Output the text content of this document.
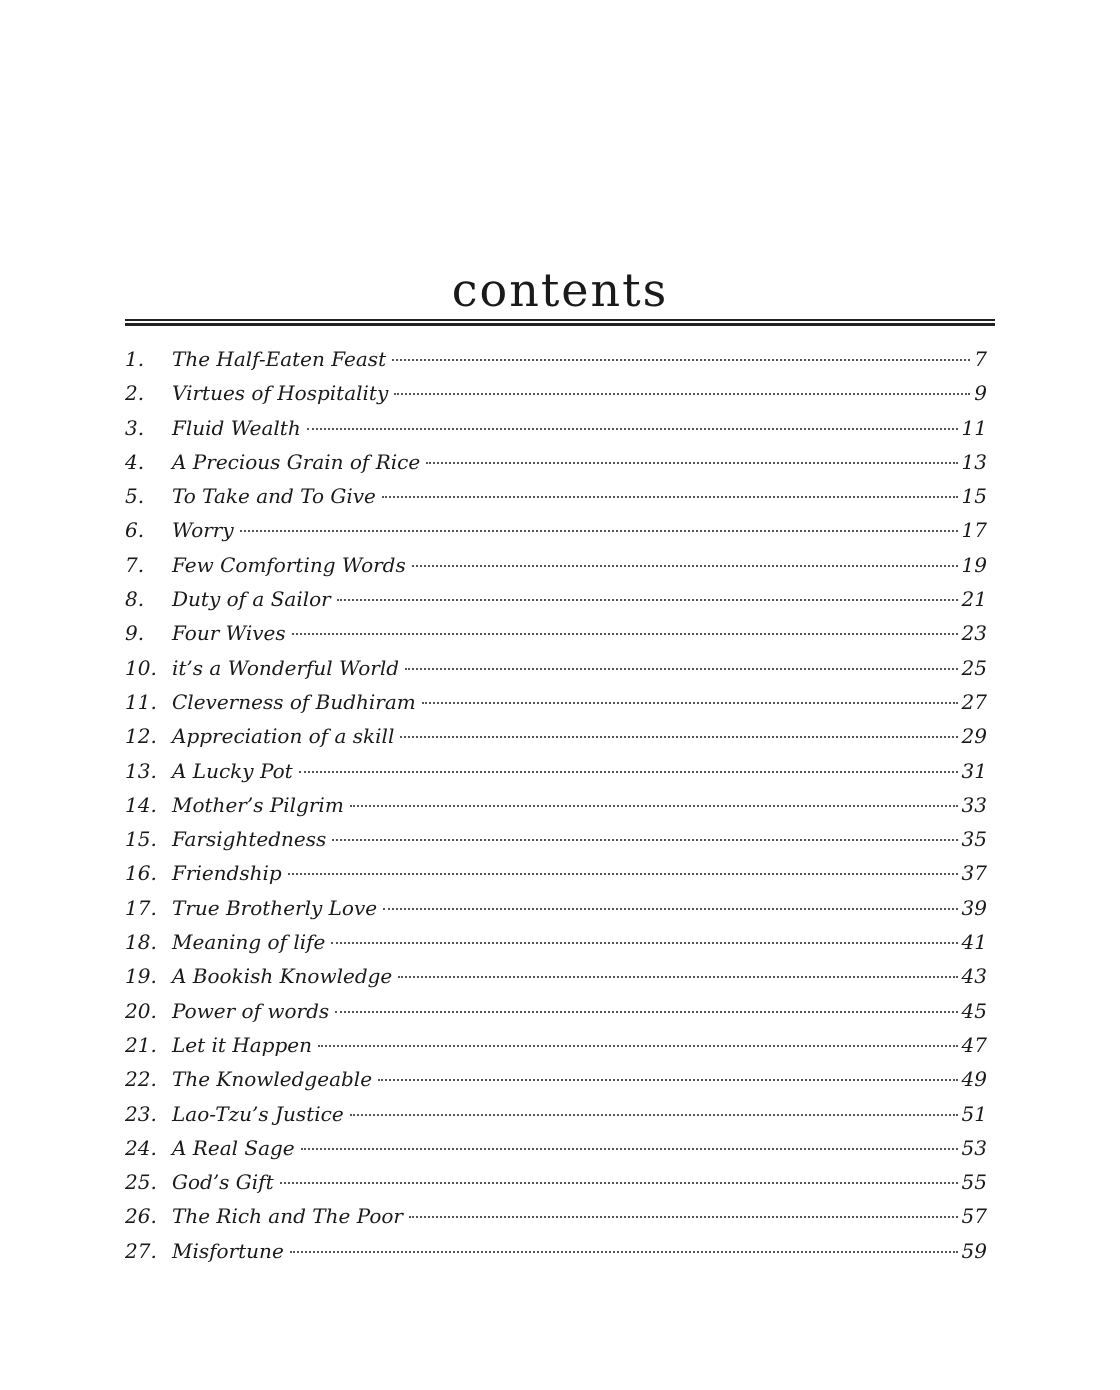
contents
1.	The Half-Eaten Feast	7
2.	Virtues of Hospitality	9
3.	Fluid Wealth	11
4.	A Precious Grain of Rice	13
5.	To Take and To Give	15
6.	Worry	17
7.	Few Comforting Words	19
8.	Duty of a Sailor	21
9.	Four Wives	23
10. it’s a Wonderful World	25
11. Cleverness of Budhiram	27
12. Appreciation of a skill	29
13. A Lucky Pot	31
14. Mother’s Pilgrim	33
15. Farsightedness	35
16. Friendship	37
17. True Brotherly Love	39
18. Meaning of life	41
19. A Bookish Knowledge	43
20. Power of words	45
21. Let it Happen	47
22. The Knowledgeable	49
23. Lao-Tzu’s Justice	51
24. A Real Sage	53
25. God’s Gift	55
26. The Rich and The Poor	57
27. Misfortune	59
